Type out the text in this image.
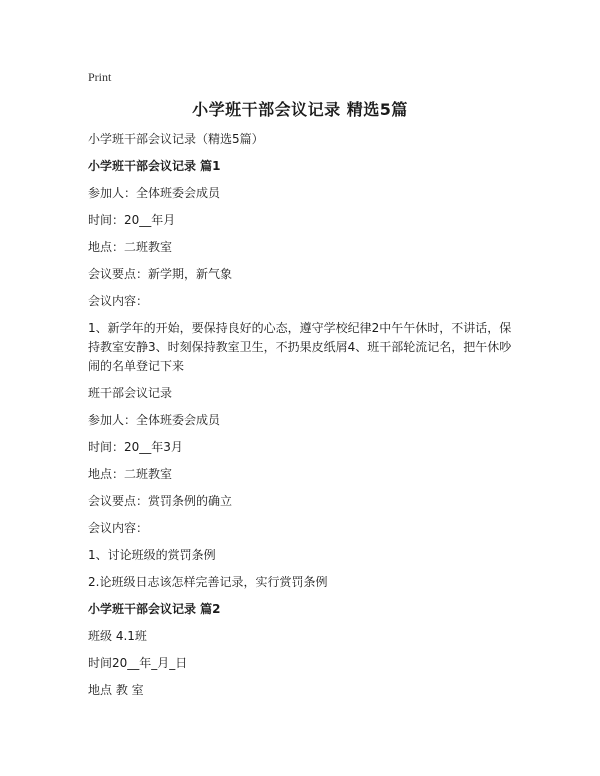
Print
小学班干部会议记录 精选5篇

小学班干部会议记录（精选5篇）

小学班干部会议记录 篇1

参加人：全体班委会成员

时间：20__年月

地点：二班教室

会议要点：新学期，新气象

会议内容：

1、新学年的开始，要保持良好的心态，遵守学校纪律2中午午休时，不讲话，保持教室安静3、时刻保持教室卫生，不扔果皮纸屑4、班干部轮流记名，把午休吵闹的名单登记下来

班干部会议记录

参加人：全体班委会成员

时间：20__年3月

地点：二班教室

会议要点：赏罚条例的确立

会议内容：

1、讨论班级的赏罚条例

2.论班级日志该怎样完善记录，实行赏罚条例

小学班干部会议记录 篇2

班级 4.1班

时间20__年_月_日

地点 教 室
